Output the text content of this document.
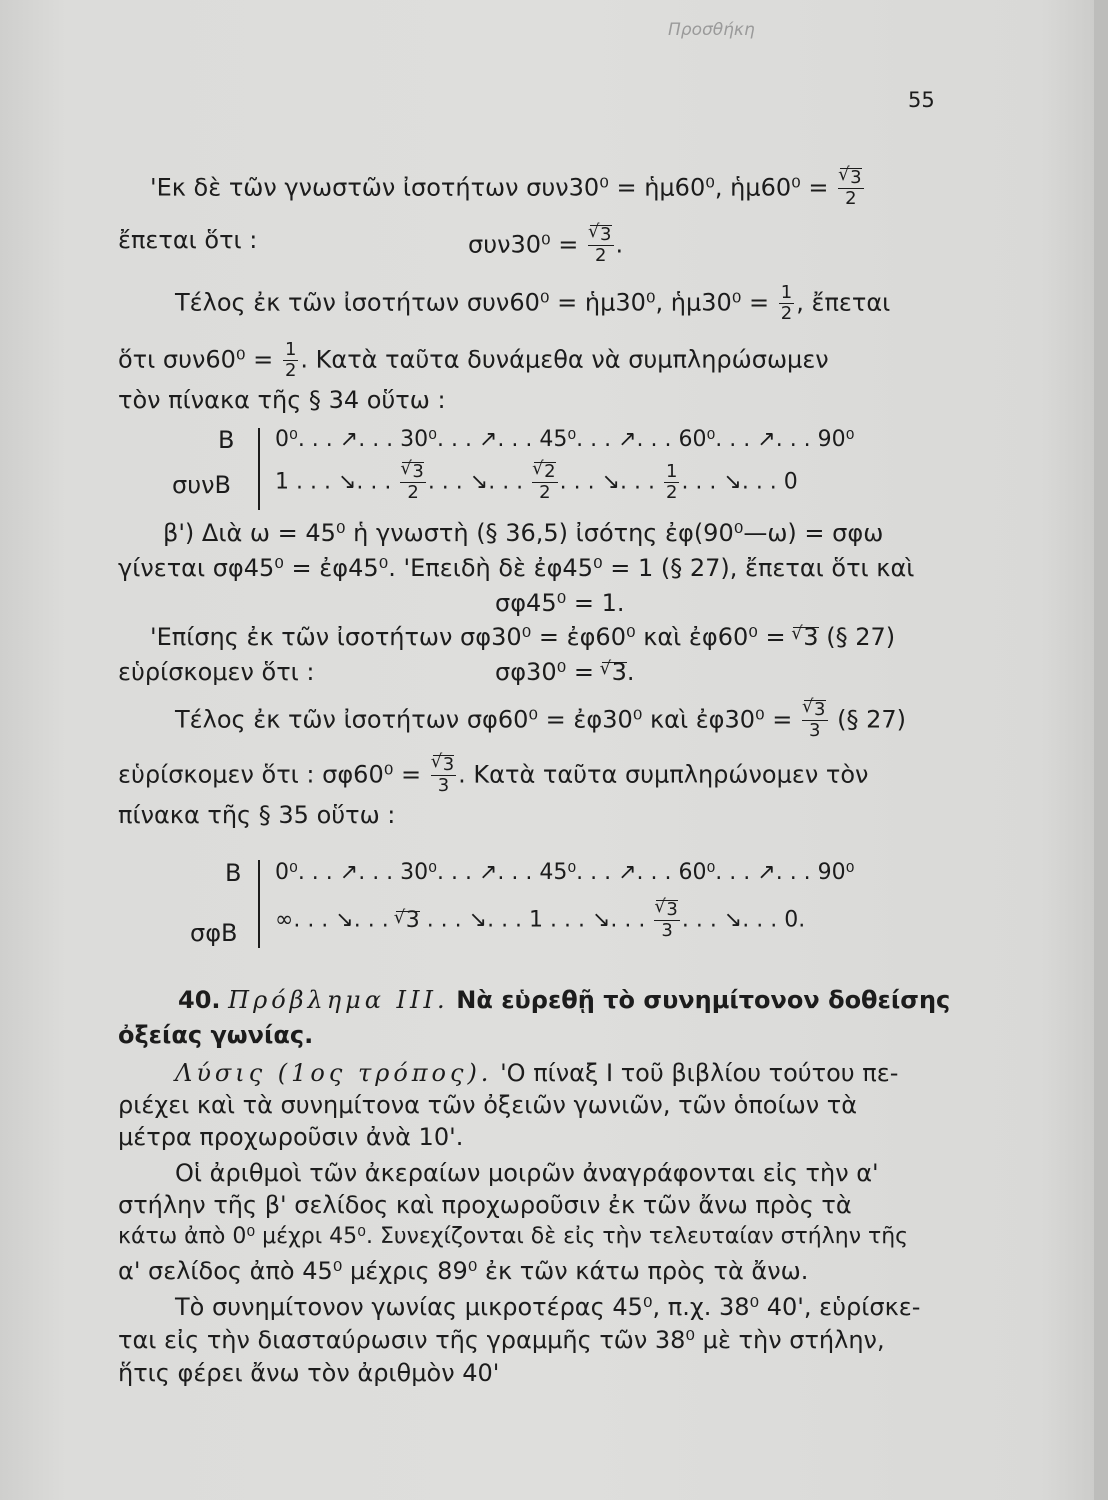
Προσθήκη
55
'Εκ δὲ τῶν γνωστῶν ἰσοτήτων συν30⁰ = ἡμ60⁰, ἡμ60⁰ = √ $\frac{3}{2}$
ἔπεται ὅτι :	συν30⁰ = √ $\frac{3}{2}$ .
Τέλος ἐκ τῶν ἰσοτήτων συν60⁰ = ἡμ30⁰, ἡμ30⁰ = $\frac{1}{2}$ , ἔπεται
ὅτι $\sigma\upsilon\nu 60^0 = \frac{1}{2}$ . Κατὰ ταῦτα δυνάμεθα νὰ συμπληρώσωμεν
τὸν πίνακα τῆς § 34 οὕτω :
B 0⁰. . . ↗. . . 30⁰. . . ↗. . . 45⁰. . . ↗. . . 60⁰. . . ↗. . . 90⁰
συνB 1 . . . ↘. . . √ $\frac{3}{2}$ . . . ↘. . . √ $\frac{2}{2}$ . . . ↘. . . $\frac{1}{2}$ . . . ↘. . . 0
β') Διὰ ω = 45⁰ ἡ γνωστὴ (§ 36,5) ἰσότης ἐφ(90⁰—ω) = σφω
γίνεται σφ45⁰ = ἐφ45⁰. 'Επειδὴ δὲ ἐφ45⁰ = 1 (§ 27), ἔπεται ὅτι καὶ
σφ45⁰ = 1.
'Επίσης ἐκ τῶν ἰσοτήτων σφ30⁰ = ἐφ60⁰ καὶ ἐφ60⁰ = √ 3 (§ 27)
εὑρίσκομεν ὅτι :	σφ30⁰ = √ 3.
Τέλος ἐκ τῶν ἰσοτήτων σφ60⁰ = ἐφ30⁰ καὶ ἐφ30⁰ = √ $\frac{3}{3}$ (§ 27)
εὑρίσκομεν ὅτι : σφ60⁰ = √ $\frac{3}{3}$ . Κατὰ ταῦτα συμπληρώνομεν τὸν
πίνακα τῆς § 35 οὕτω :
B 0⁰. . . ↗. . . 30⁰. . . ↗. . . 45⁰. . . ↗. . . 60⁰. . . ↗. . . 90⁰
σφB ∞. . . ↘. . . √ 3 . . . ↘. . . 1 . . . ↘. . . √ $\frac{3}{3}$ . . . ↘. . . 0.
40. Πρόβλημα ΙΙΙ. Νὰ εὑρεθῇ τὸ συνημίτονον δοθείσης
ὀξείας γωνίας.
Λύσις (1ος τρόπος). 'Ο πίναξ Ι τοῦ βιβλίου τούτου πε-
ριέχει καὶ τὰ συνημίτονα τῶν ὀξειῶν γωνιῶν, τῶν ὁποίων τὰ
μέτρα προχωροῦσιν ἀνὰ 10'.
Οἱ ἀριθμοὶ τῶν ἀκεραίων μοιρῶν ἀναγράφονται εἰς τὴν α'
στήλην τῆς β' σελίδος καὶ προχωροῦσιν ἐκ τῶν ἄνω πρὸς τὰ
κάτω ἀπὸ 0⁰ μέχρι 45⁰. Συνεχίζονται δὲ εἰς τὴν τελευταίαν στήλην τῆς
α' σελίδος ἀπὸ 45⁰ μέχρις 89⁰ ἐκ τῶν κάτω πρὸς τὰ ἄνω.
Τὸ συνημίτονον γωνίας μικροτέρας 45⁰, π.χ. 38⁰ 40', εὑρίσκε-
ται εἰς τὴν διασταύρωσιν τῆς γραμμῆς τῶν 38⁰ μὲ τὴν στήλην,
ἥτις φέρει ἄνω τὸν ἀριθμὸν 40'
